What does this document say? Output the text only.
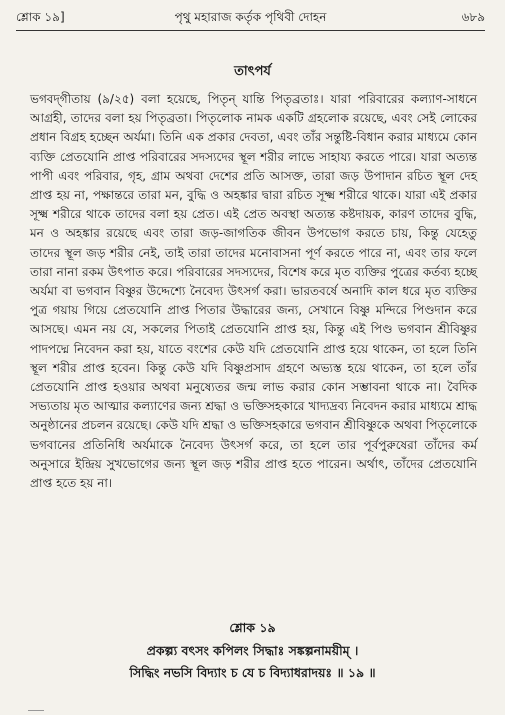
শ্লোক ১৯]	পৃথু মহারাজ কর্তৃক পৃথিবী দোহন	৬৮৯
তাৎপর্য

ভগবদ্‌গীতায় (৯/২৫) বলা হয়েছে, পিতৃন্ যান্তি পিতৃব্রতাঃ। যারা পরিবারের কল্যাণ-সাধনে আগ্রহী, তাদের বলা হয় পিতৃব্রতা। পিতৃলোক নামক একটি গ্রহলোক রয়েছে, এবং সেই লোকের প্রধান বিগ্রহ হচ্ছেন অর্যমা। তিনি এক প্রকার দেবতা, এবং তাঁর সন্তুষ্টি-বিধান করার মাধ্যমে কোন ব্যক্তি প্রেতযোনি প্রাপ্ত পরিবারের সদস্যদের স্থূল শরীর লাভে সাহায্য করতে পারে। যারা অত্যন্ত পাপী এবং পরিবার, গৃহ, গ্রাম অথবা দেশের প্রতি আসক্ত, তারা জড় উপাদান রচিত স্থূল দেহ প্রাপ্ত হয় না, পক্ষান্তরে তারা মন, বুদ্ধি ও অহঙ্কার দ্বারা রচিত সূক্ষ্ম শরীরে থাকে। যারা এই প্রকার সূক্ষ্ম শরীরে থাকে তাদের বলা হয় প্রেত। এই প্রেত অবস্থা অত্যন্ত কষ্টদায়ক, কারণ তাদের বুদ্ধি, মন ও অহঙ্কার রয়েছে এবং তারা জড়-জাগতিক জীবন উপভোগ করতে চায়, কিন্তু যেহেতু তাদের স্থূল জড় শরীর নেই, তাই তারা তাদের মনোবাসনা পূর্ণ করতে পারে না, এবং তার ফলে তারা নানা রকম উৎপাত করে। পরিবারের সদস্যদের, বিশেষ করে মৃত ব্যক্তির পুত্রের কর্তব্য হচ্ছে অর্যমা বা ভগবান বিষ্ণুর উদ্দেশ্যে নৈবেদ্য উৎসর্গ করা। ভারতবর্ষে অনাদি কাল ধরে মৃত ব্যক্তির পুত্র গয়ায় গিয়ে প্রেতযোনি প্রাপ্ত পিতার উদ্ধারের জন্য, সেখানে বিষ্ণু মন্দিরে পিণ্ডদান করে আসছে। এমন নয় যে, সকলের পিতাই প্রেতযোনি প্রাপ্ত হয়, কিন্তু এই পিণ্ড ভগবান শ্রীবিষ্ণুর পাদপদ্মে নিবেদন করা হয়, যাতে বংশের কেউ যদি প্রেতযোনি প্রাপ্ত হয়ে থাকেন, তা হলে তিনি স্থূল শরীর প্রাপ্ত হবেন। কিন্তু কেউ যদি বিষ্ণুপ্রসাদ গ্রহণে অভ্যস্ত হয়ে থাকেন, তা হলে তাঁর প্রেতযোনি প্রাপ্ত হওয়ার অথবা মনুষ্যেতর জন্ম লাভ করার কোন সম্ভাবনা থাকে না। বৈদিক সভ্যতায় মৃত আত্মার কল্যাণের জন্য শ্রদ্ধা ও ভক্তিসহকারে খাদ্যদ্রব্য নিবেদন করার মাধ্যমে শ্রাদ্ধ অনুষ্ঠানের প্রচলন রয়েছে। কেউ যদি শ্রদ্ধা ও ভক্তিসহকারে ভগবান শ্রীবিষ্ণুকে অথবা পিতৃলোকে ভগবানের প্রতিনিধি অর্যমাকে নৈবেদ্য উৎসর্গ করে, তা হলে তার পূর্বপুরুষেরা তাঁদের কর্ম অনুসারে ইন্দ্রিয় সুখভোগের জন্য স্থূল জড় শরীর প্রাপ্ত হতে পারেন। অর্থাৎ, তাঁদের প্রেতযোনি প্রাপ্ত হতে হয় না।

শ্লোক ১৯
প্রকল্প্য বৎসং কপিলং সিদ্ধাঃ সঙ্কল্পনাময়ীম্ ।
সিদ্ধিং নভসি বিদ্যাং চ যে চ বিদ্যাধরাদয়ঃ ॥ ১৯ ॥
